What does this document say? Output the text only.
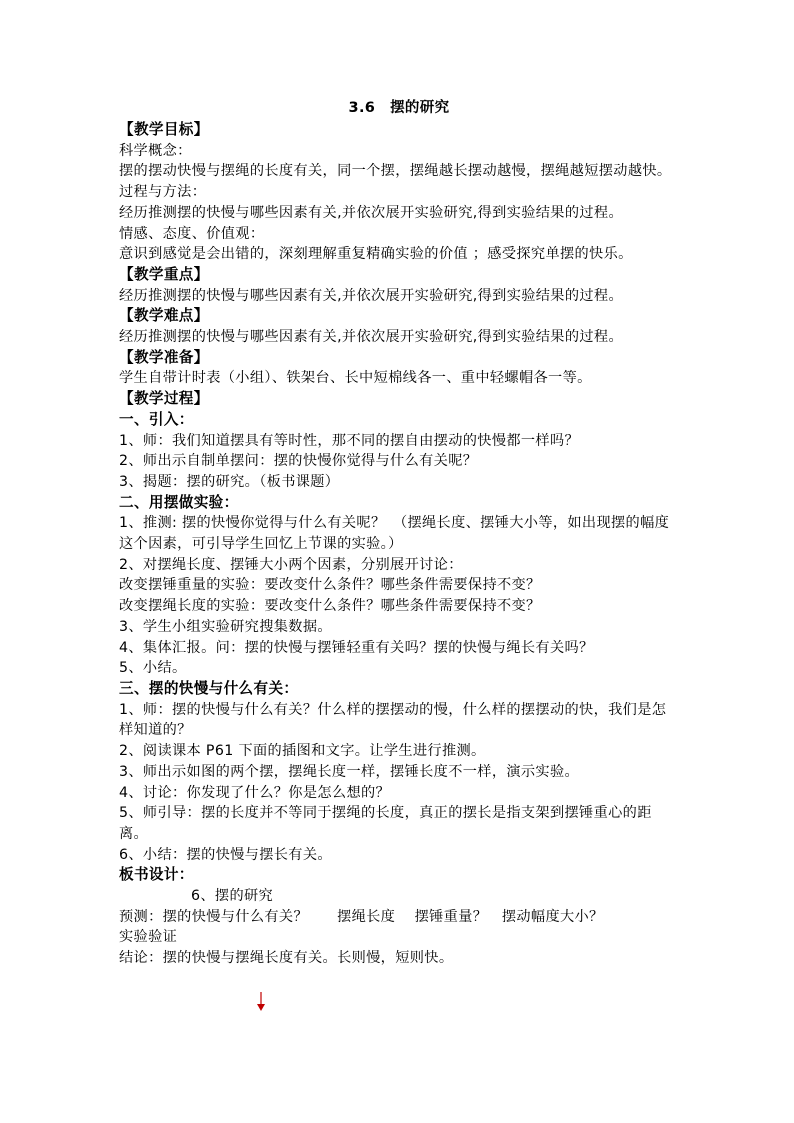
3.6　摆的研究
【教学目标】
科学概念：
摆的摆动快慢与摆绳的长度有关，同一个摆，摆绳越长摆动越慢，摆绳越短摆动越快。
过程与方法：
经历推测摆的快慢与哪些因素有关,并依次展开实验研究,得到实验结果的过程。
情感、态度、价值观：
意识到感觉是会出错的，深刻理解重复精确实验的价值 ；感受探究单摆的快乐。
【教学重点】
经历推测摆的快慢与哪些因素有关,并依次展开实验研究,得到实验结果的过程。
【教学难点】
经历推测摆的快慢与哪些因素有关,并依次展开实验研究,得到实验结果的过程。
【教学准备】
学生自带计时表（小组）、铁架台、长中短棉线各一、重中轻螺帽各一等。
【教学过程】
一、引入：
1、师：我们知道摆具有等时性，那不同的摆自由摆动的快慢都一样吗？
2、师出示自制单摆问：摆的快慢你觉得与什么有关呢？
3、揭题：摆的研究。（板书课题）
二、用摆做实验：
1、推测: 摆的快慢你觉得与什么有关呢？　（摆绳长度、摆锤大小等，如出现摆的幅度这个因素，可引导学生回忆上节课的实验。）
2、对摆绳长度、摆锤大小两个因素，分别展开讨论：
改变摆锤重量的实验：要改变什么条件？哪些条件需要保持不变？
改变摆绳长度的实验：要改变什么条件？哪些条件需要保持不变？
3、学生小组实验研究搜集数据。
4、集体汇报。问：摆的快慢与摆锤轻重有关吗？摆的快慢与绳长有关吗？
5、小结。
三、摆的快慢与什么有关：
1、师：摆的快慢与什么有关？什么样的摆摆动的慢，什么样的摆摆动的快，我们是怎样知道的？
2、阅读课本 P61 下面的插图和文字。让学生进行推测。
3、师出示如图的两个摆，摆绳长度一样，摆锤长度不一样，演示实验。
4、讨论：你发现了什么？你是怎么想的？
5、师引导：摆的长度并不等同于摆绳的长度，真正的摆长是指支架到摆锤重心的距离。
6、小结：摆的快慢与摆长有关。
板书设计：
6、摆的研究
预测：摆的快慢与什么有关？　　摆绳长度　 摆锤重量？　摆动幅度大小？
实验验证
结论：摆的快慢与摆绳长度有关。长则慢，短则快。
